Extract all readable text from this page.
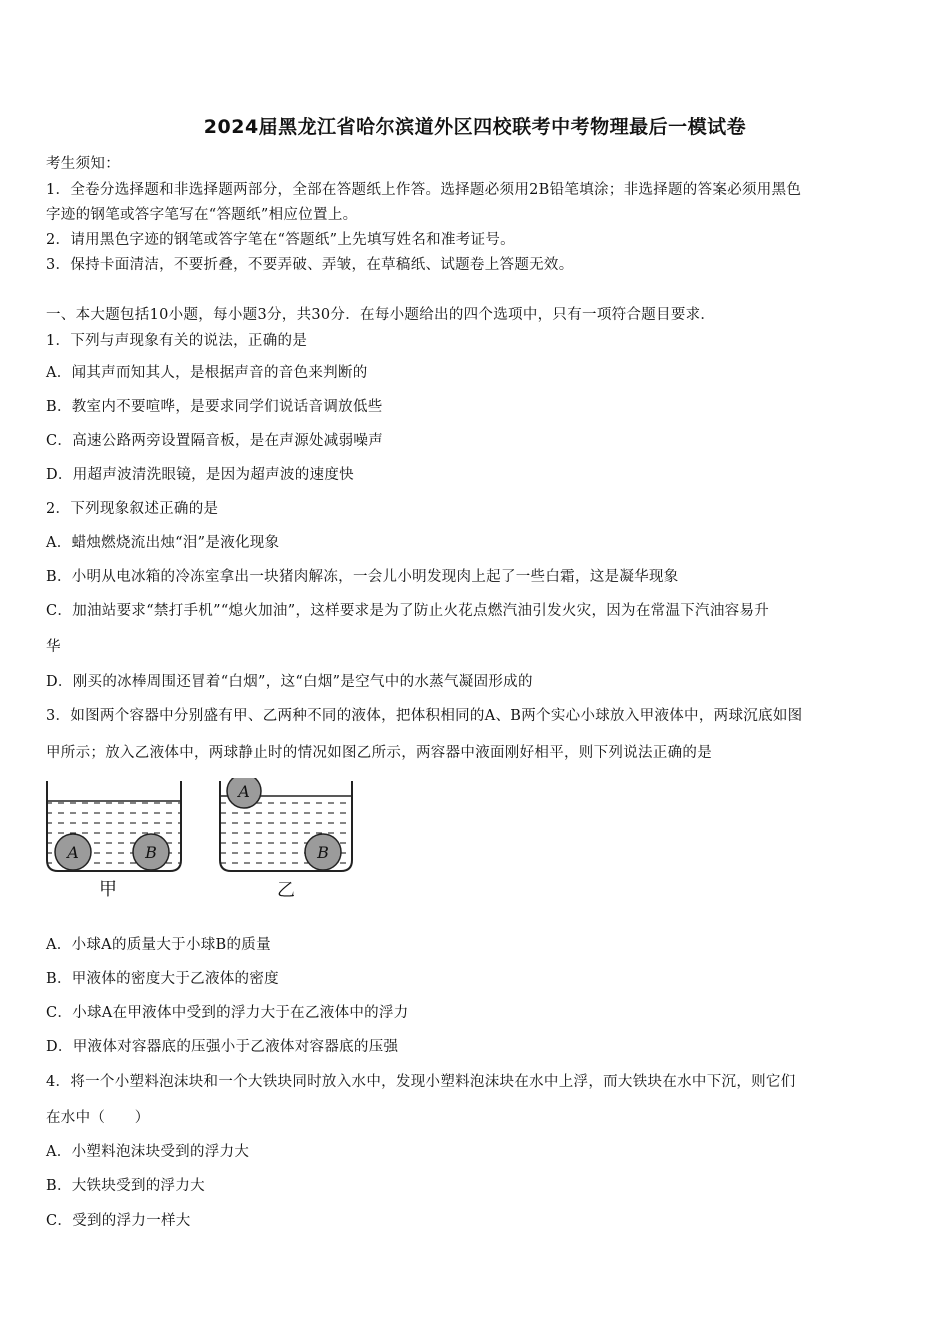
2024届黑龙江省哈尔滨道外区四校联考中考物理最后一模试卷
考生须知：
1．全卷分选择题和非选择题两部分，全部在答题纸上作答。选择题必须用2B铅笔填涂；非选择题的答案必须用黑色
字迹的钢笔或答字笔写在“答题纸”相应位置上。
2．请用黑色字迹的钢笔或答字笔在“答题纸”上先填写姓名和准考证号。
3．保持卡面清洁，不要折叠，不要弄破、弄皱，在草稿纸、试题卷上答题无效。
一、本大题包括10小题，每小题3分，共30分．在每小题给出的四个选项中，只有一项符合题目要求．
1．下列与声现象有关的说法，正确的是
A．闻其声而知其人，是根据声音的音色来判断的
B．教室内不要喧哗，是要求同学们说话音调放低些
C．高速公路两旁设置隔音板，是在声源处减弱噪声
D．用超声波清洗眼镜，是因为超声波的速度快
2．下列现象叙述正确的是
A．蜡烛燃烧流出烛“泪”是液化现象
B．小明从电冰箱的冷冻室拿出一块猪肉解冻，一会儿小明发现肉上起了一些白霜，这是凝华现象
C．加油站要求“禁打手机”“熄火加油”，这样要求是为了防止火花点燃汽油引发火灾，因为在常温下汽油容易升
华
D．刚买的冰棒周围还冒着“白烟”，这“白烟”是空气中的水蒸气凝固形成的
3．如图两个容器中分别盛有甲、乙两种不同的液体，把体积相同的A、B两个实心小球放入甲液体中，两球沉底如图
甲所示；放入乙液体中，两球静止时的情况如图乙所示，两容器中液面刚好相平，则下列说法正确的是
A	B
甲
A
B
乙
A．小球A的质量大于小球B的质量
B．甲液体的密度大于乙液体的密度
C．小球A在甲液体中受到的浮力大于在乙液体中的浮力
D．甲液体对容器底的压强小于乙液体对容器底的压强
4．将一个小塑料泡沫块和一个大铁块同时放入水中，发现小塑料泡沫块在水中上浮，而大铁块在水中下沉，则它们
在水中（　　）
A．小塑料泡沫块受到的浮力大
B．大铁块受到的浮力大
C．受到的浮力一样大
